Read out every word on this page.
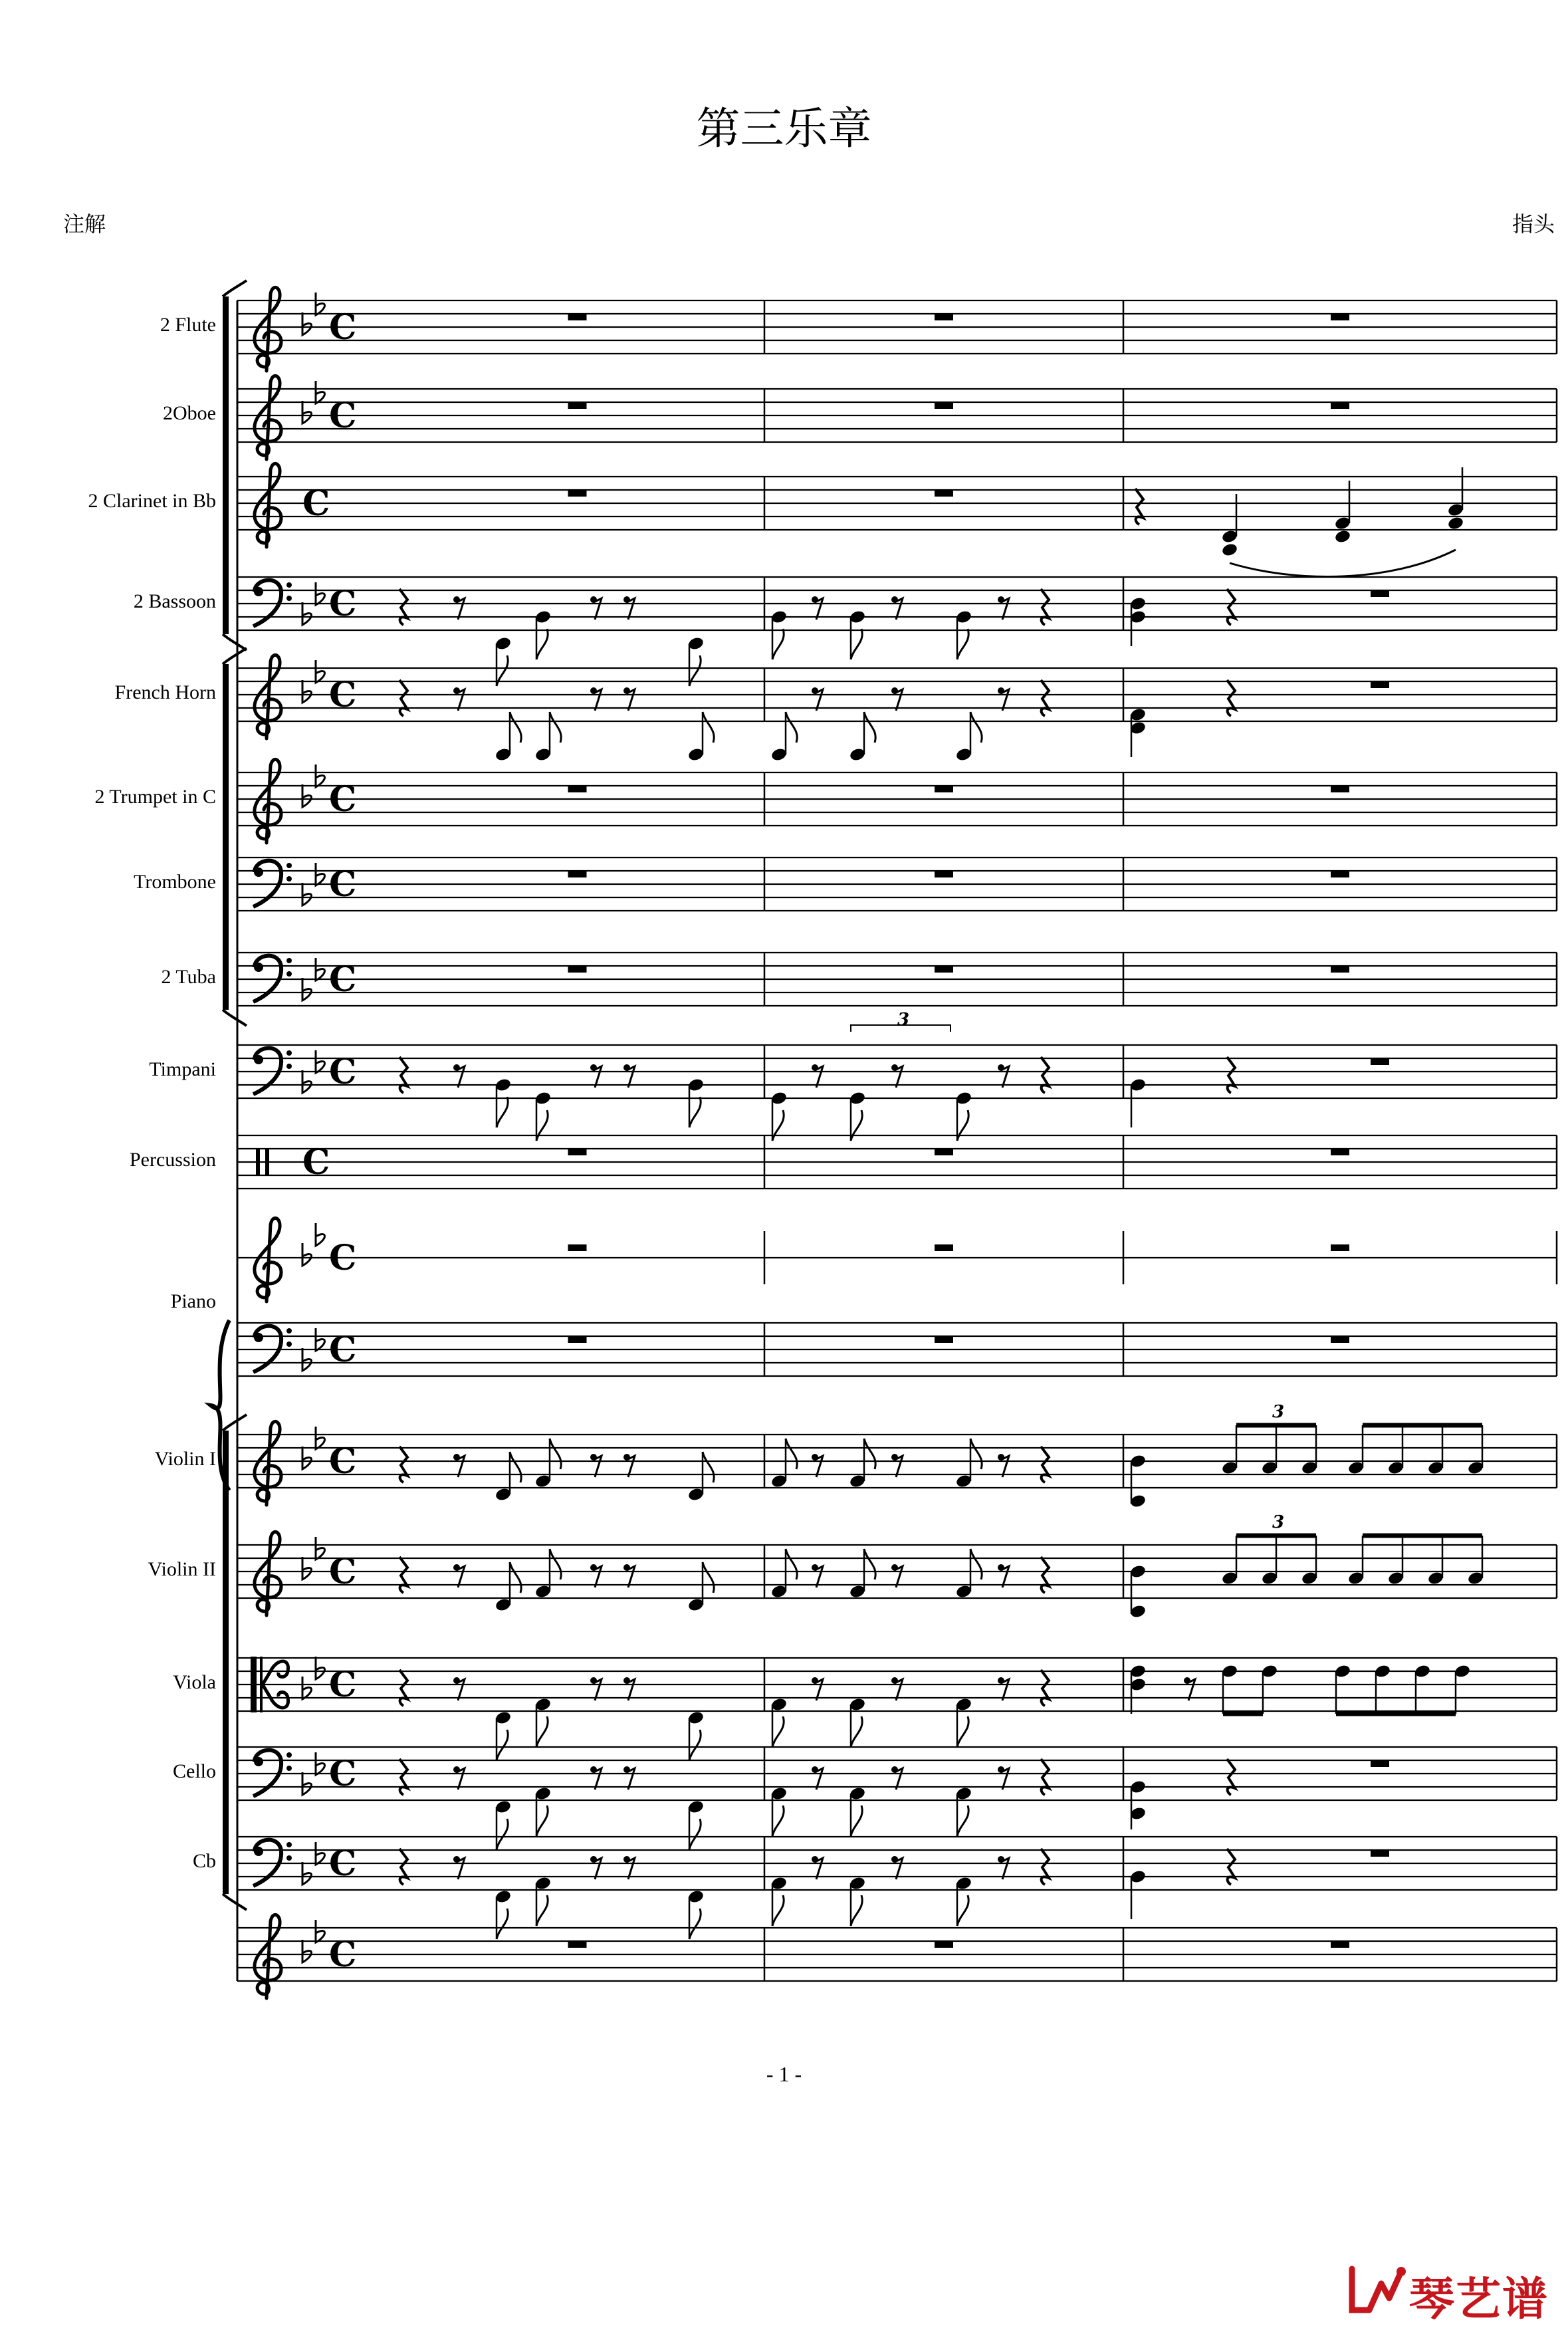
第三乐章
注解	指头
C
C
C
C
C
C
C
C
C
C
C
C
C
C
C
C
C
C
3
3
3
2 Flute
2Oboe
2 Clarinet in Bb
2 Bassoon
French Horn
2 Trumpet in C
Trombone
2 Tuba
Timpani
Percussion
Piano
Violin I
Violin II
Viola
Cello
Cb
- 1 -
琴艺谱
